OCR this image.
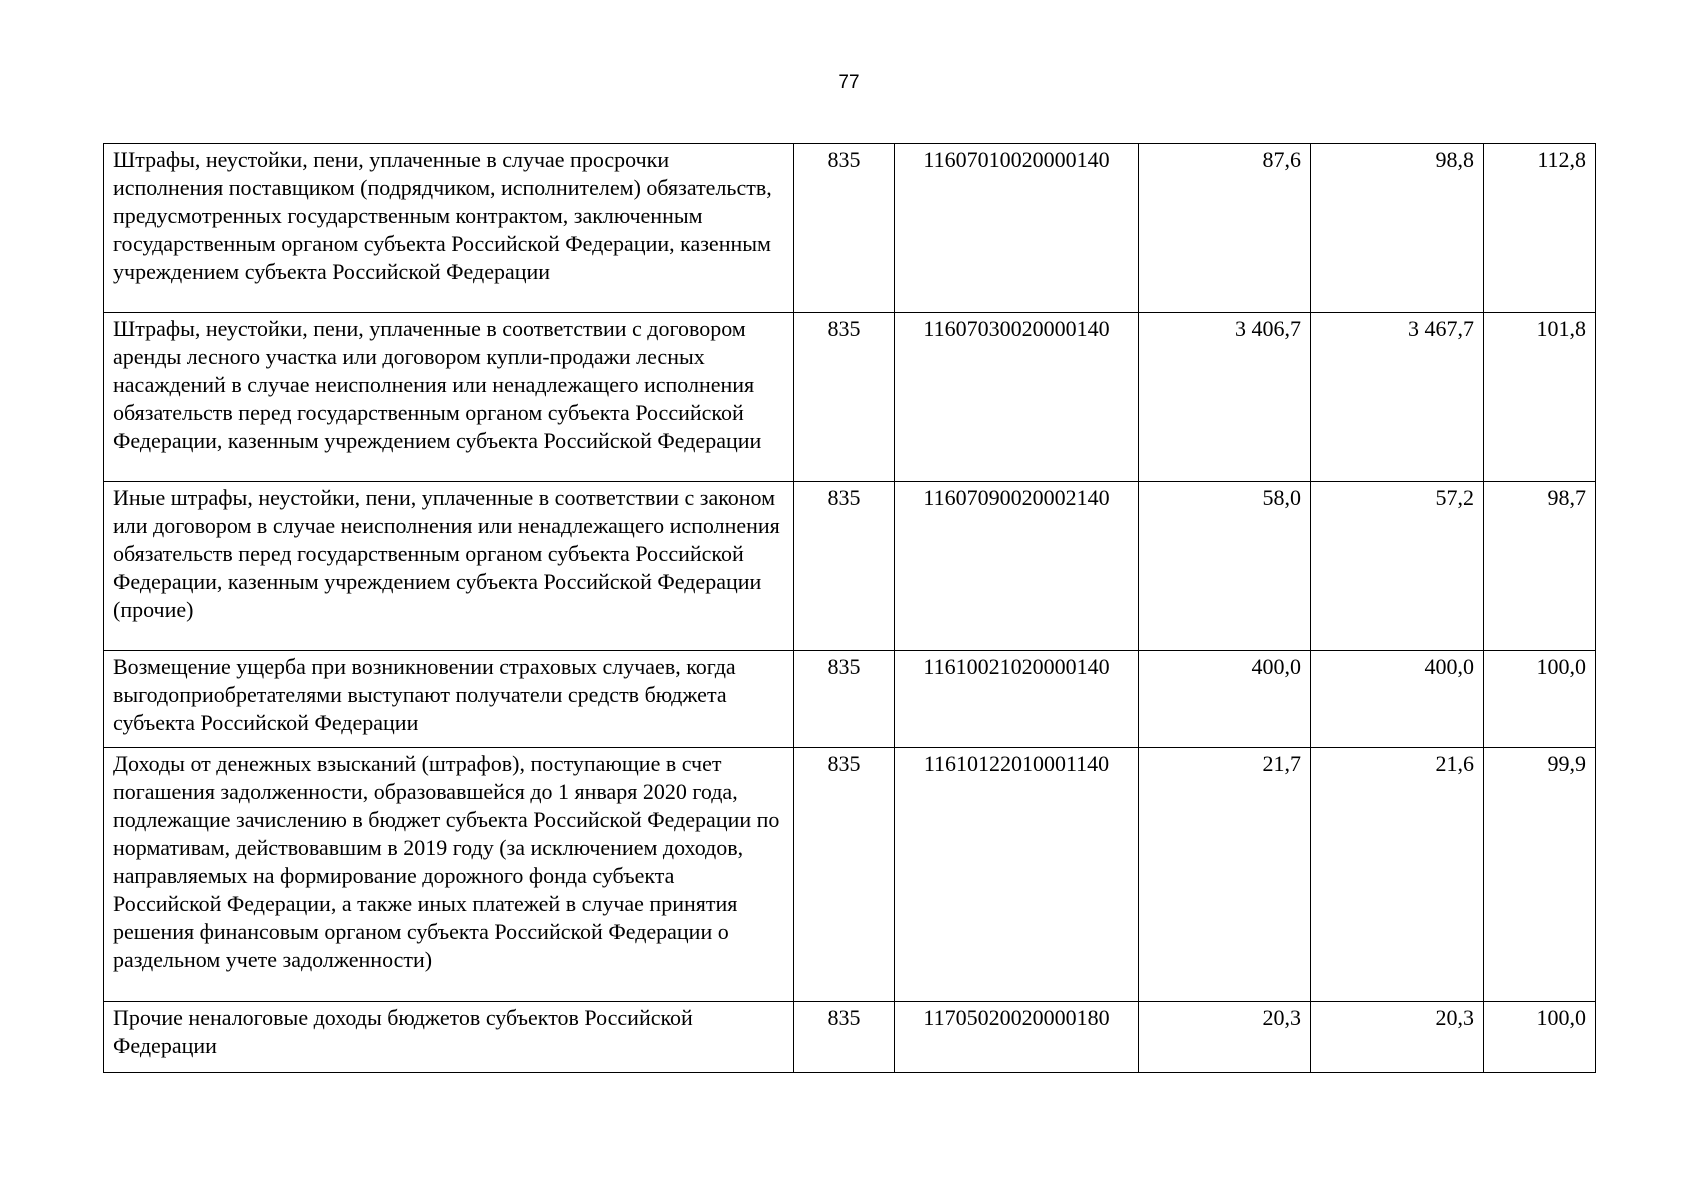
77
Штрафы, неустойки, пени, уплаченные в случае просрочки исполнения поставщиком (подрядчиком, исполнителем) обязательств, предусмотренных государственным контрактом, заключенным государственным органом субъекта Российской Федерации, казенным учреждением субъекта Российской Федерации	835	11607010020000140	87,6	98,8	112,8
Штрафы, неустойки, пени, уплаченные в соответствии с договором аренды лесного участка или договором купли-продажи лесных насаждений в случае неисполнения или ненадлежащего исполнения обязательств перед государственным органом субъекта Российской Федерации, казенным учреждением субъекта Российской Федерации	835	11607030020000140	3 406,7	3 467,7	101,8
Иные штрафы, неустойки, пени, уплаченные в соответствии с законом или договором в случае неисполнения или ненадлежащего исполнения обязательств перед государственным органом субъекта Российской Федерации, казенным учреждением субъекта Российской Федерации (прочие)	835	11607090020002140	58,0	57,2	98,7
Возмещение ущерба при возникновении страховых случаев, когда выгодоприобретателями выступают получатели средств бюджета субъекта Российской Федерации	835	11610021020000140	400,0	400,0	100,0
Доходы от денежных взысканий (штрафов), поступающие в счет погашения задолженности, образовавшейся до 1 января 2020 года, подлежащие зачислению в бюджет субъекта Российской Федерации по нормативам, действовавшим в 2019 году (за исключением доходов, направляемых на формирование дорожного фонда субъекта Российской Федерации, а также иных платежей в случае принятия решения финансовым органом субъекта Российской Федерации о раздельном учете задолженности)	835	11610122010001140	21,7	21,6	99,9
Прочие неналоговые доходы бюджетов субъектов Российской Федерации	835	11705020020000180	20,3	20,3	100,0
